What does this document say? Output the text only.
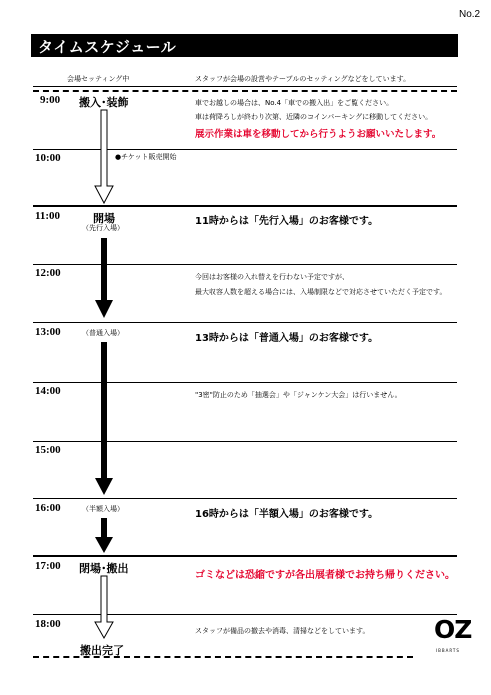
No.2
タイムスケジュール
会場セッティング中	スタッフが会場の設営やテーブルのセッティングなどをしています。
9:00
10:00
11:00
12:00
13:00
14:00
15:00
16:00
17:00
18:00
搬入･装飾
開場
（先行入場）
（普通入場）
（半額入場）
閉場･搬出
搬出完了
車でお越しの場合は、No.4「車での搬入出」をご覧ください。
車は荷降ろしが終わり次第、近隣のコインパーキングに移動してください。
展示作業は車を移動してから行うようお願いいたします。
●チケット販売開始
11時からは「先行入場」のお客様です。
今回はお客様の入れ替えを行わない予定ですが、
最大収容人数を超える場合には、入場制限などで対応させていただく予定です。
13時からは「普通入場」のお客様です。
"3密"防止のため「抽選会」や「ジャンケン大会」は行いません。
16時からは「半額入場」のお客様です。
ゴミなどは恐縮ですが各出展者様でお持ち帰りください。
スタッフが備品の撤去や消毒、清掃などをしています。	OZ
IBBARTS
